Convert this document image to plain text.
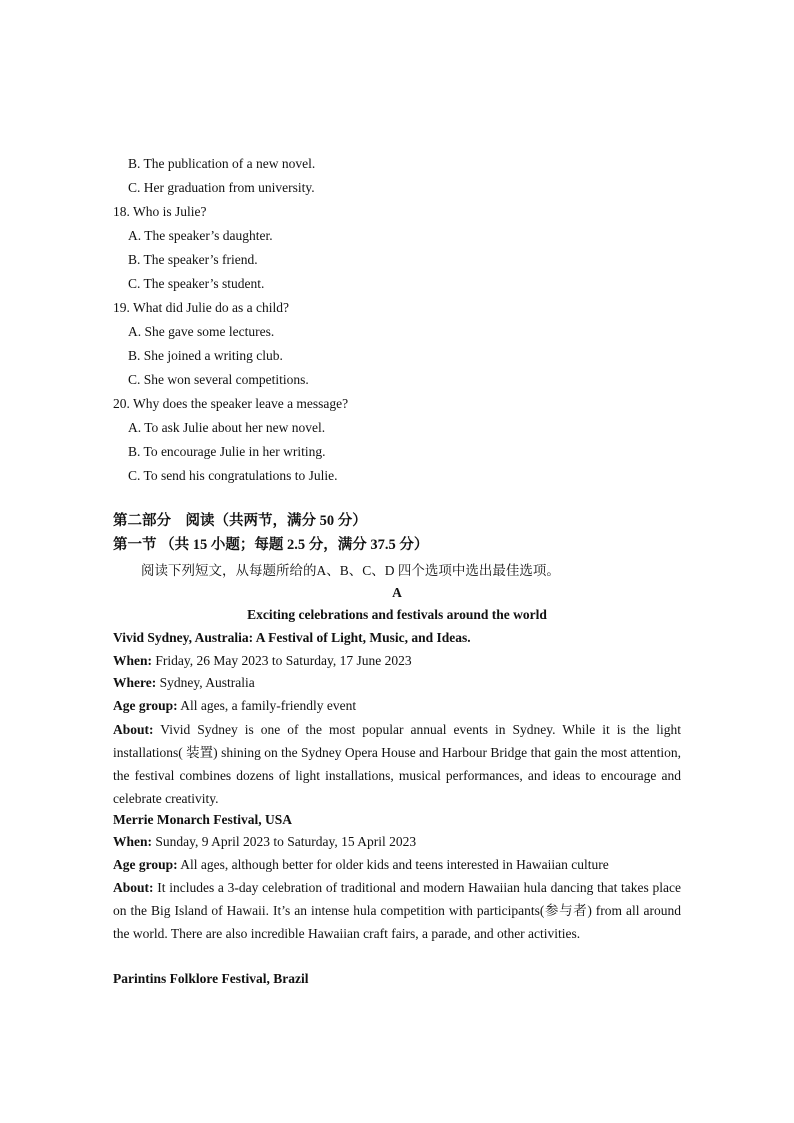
B. The publication of a new novel.
C. Her graduation from university.
18. Who is Julie?
A. The speaker’s daughter.
B. The speaker’s friend.
C. The speaker’s student.
19. What did Julie do as a child?
A. She gave some lectures.
B. She joined a writing club.
C. She won several competitions.
20. Why does the speaker leave a message?
A. To ask Julie about her new novel.
B. To encourage Julie in her writing.
C. To send his congratulations to Julie.
第二部分　阅读（共两节，满分 50 分）
第一节 （共 15 小题；每题 2.5 分，满分 37.5 分）
阅读下列短文，从每题所给的A、B、C、D 四个选项中选出最佳选项。
A
Exciting celebrations and festivals around the world
Vivid Sydney, Australia: A Festival of Light, Music, and Ideas.
When: Friday, 26 May 2023 to Saturday, 17 June 2023
Where: Sydney, Australia
Age group: All ages, a family-friendly event
About: Vivid Sydney is one of the most popular annual events in Sydney. While it is the light installations( 装置) shining on the Sydney Opera House and Harbour Bridge that gain the most attention, the festival combines dozens of light installations, musical performances, and ideas to encourage and celebrate creativity.
Merrie Monarch Festival, USA
When: Sunday, 9 April 2023 to Saturday, 15 April 2023
Age group: All ages, although better for older kids and teens interested in Hawaiian culture
About: It includes a 3-day celebration of traditional and modern Hawaiian hula dancing that takes place on the Big Island of Hawaii. It’s an intense hula competition with participants(参与者) from all around the world. There are also incredible Hawaiian craft fairs, a parade, and other activities.
Parintins Folklore Festival, Brazil
